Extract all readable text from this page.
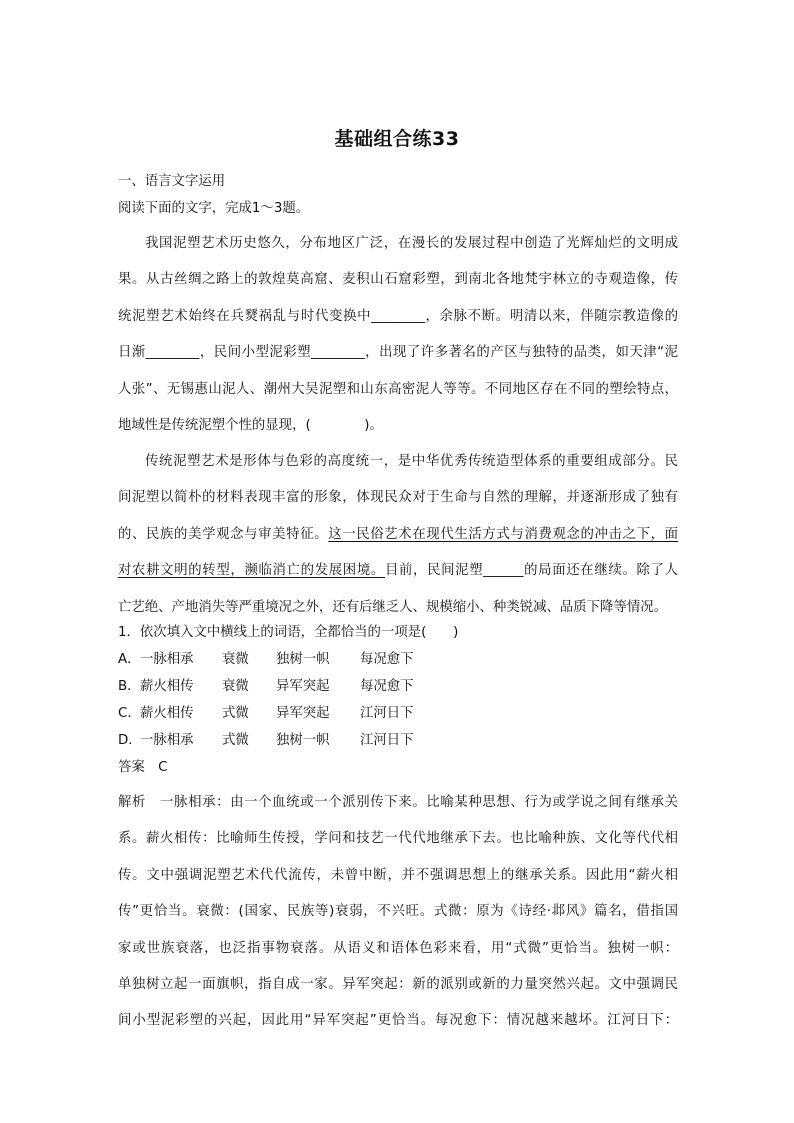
基础组合练33
一、语言文字运用
阅读下面的文字，完成1～3题。
我国泥塑艺术历史悠久，分布地区广泛，在漫长的发展过程中创造了光辉灿烂的文明成
果。从古丝绸之路上的敦煌莫高窟、麦积山石窟彩塑，到南北各地梵宇林立的寺观造像，传
统泥塑艺术始终在兵燹祸乱与时代变换中________，余脉不断。明清以来，伴随宗教造像的
日渐________，民间小型泥彩塑________，出现了许多著名的产区与独特的品类，如天津“泥
人张”、无锡惠山泥人、潮州大吴泥塑和山东高密泥人等等。不同地区存在不同的塑绘特点，
地域性是传统泥塑个性的显现，(　　　　)。
传统泥塑艺术是形体与色彩的高度统一，是中华优秀传统造型体系的重要组成部分。民
间泥塑以简朴的材料表现丰富的形象，体现民众对于生命与自然的理解，并逐渐形成了独有
的、民族的美学观念与审美特征。这一民俗艺术在现代生活方式与消费观念的冲击之下，面
对农耕文明的转型，濒临消亡的发展困境。目前，民间泥塑______的局面还在继续。除了人
亡艺绝、产地消失等严重境况之外，还有后继乏人、规模缩小、种类锐减、品质下降等情况。
1．依次填入文中横线上的词语，全都恰当的一项是(　　)
A．一脉相承 衰微 独树一帜 每况愈下
B．薪火相传 衰微 异军突起 每况愈下
C．薪火相传 式微 异军突起 江河日下
D．一脉相承 式微 独树一帜 江河日下
答案　C
解析　一脉相承：由一个血统或一个派别传下来。比喻某种思想、行为或学说之间有继承关
系。薪火相传：比喻师生传授，学问和技艺一代代地继承下去。也比喻种族、文化等代代相
传。文中强调泥塑艺术代代流传，未曾中断，并不强调思想上的继承关系。因此用“薪火相
传”更恰当。衰微：(国家、民族等)衰弱，不兴旺。式微：原为《诗经·邶风》篇名，借指国
家或世族衰落，也泛指事物衰落。从语义和语体色彩来看，用“式微”更恰当。独树一帜：
单独树立起一面旗帜，指自成一家。异军突起：新的派别或新的力量突然兴起。文中强调民
间小型泥彩塑的兴起，因此用“异军突起”更恰当。每况愈下：情况越来越坏。江河日下：
